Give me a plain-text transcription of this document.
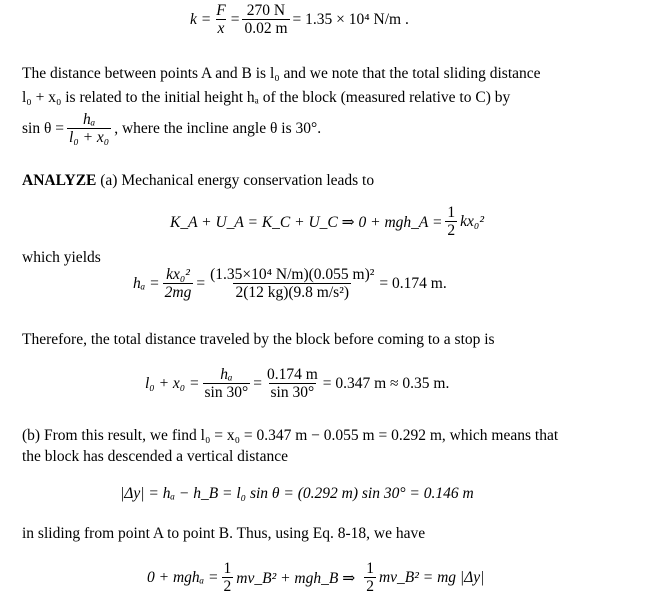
$k = \frac{F}{x} = \frac{270 N}{0.02 m} = 1.35 \times 10^4$ N/m .
The distance between points A and B is l₀ and we note that the total sliding distance
l₀ + x₀ is related to the initial height hₐ of the block (measured relative to C) by
$\sin \theta = \frac{\text{hₐ}}{\text{l₀ + x₀}}$ , where the incline angle θ is 30°.
ANALYZE (a) Mechanical energy conservation leads to
K_A + U_A = K_C + U_C ⇒ 0 + mgh_A = $\frac{1}{2} kx_0^2$
which yields
$h_a = \frac{\text{kx₀²}}{2mg} = \frac{\text{(1.35×10⁴ N/m)(0.055 m)²}}{\text{2(12 kg)(9.8 m/s²)}} = 0.174$ m.
Therefore, the total distance traveled by the block before coming to a stop is
$l_0 + x_0 = \frac{\text{hₐ}}{\sin 30^\circ} = \frac{0.174 m}{\sin 30^\circ} = 0.347$ m ≈ 0.35 m.
(b) From this result, we find l₀ = x₀ = 0.347 m − 0.055 m = 0.292 m, which means that
the block has descended a vertical distance
|Δy| = hₐ − h_B = l₀ sin θ = (0.292 m) sin 30° = 0.146 m
in sliding from point A to point B. Thus, using Eq. 8-18, we have
$0 + mgh_a = \frac{1}{2}$ mv_B² + mgh_B ⇒ $\frac{1}{2}$ mv_B² = mg |Δy|
